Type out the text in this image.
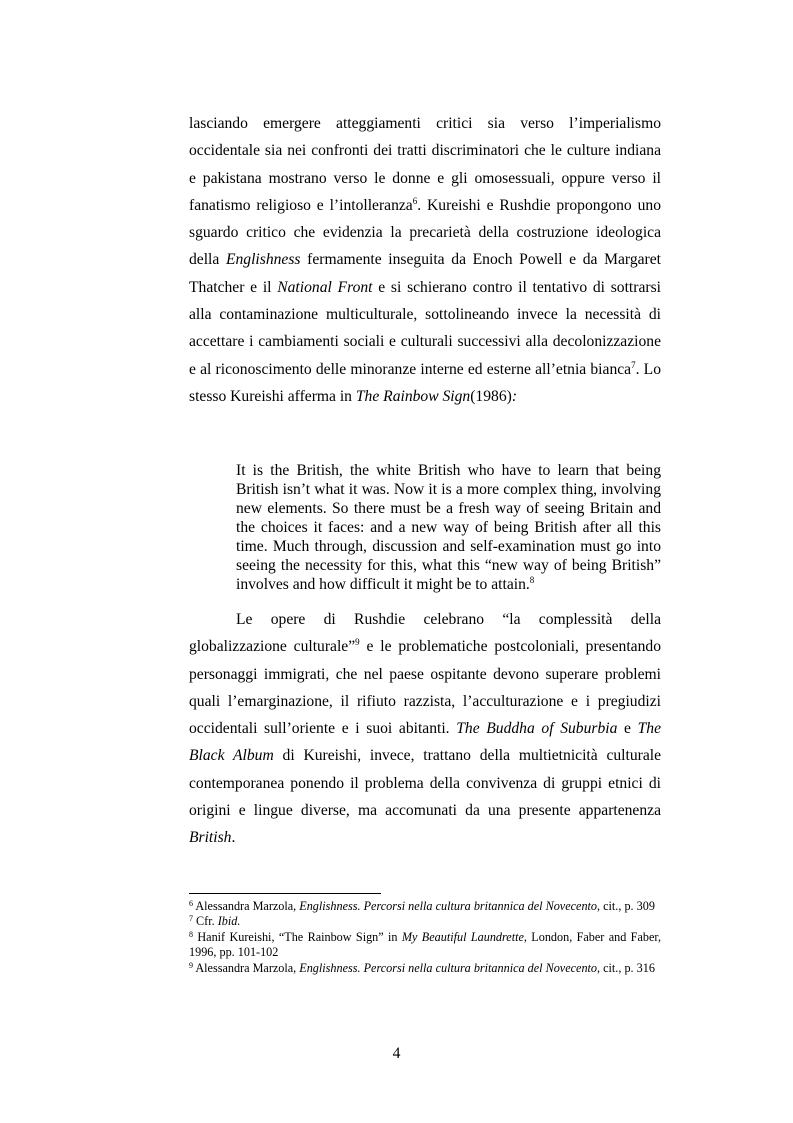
lasciando emergere atteggiamenti critici sia verso l’imperialismo occidentale sia nei confronti dei tratti discriminatori che le culture indiana e pakistana mostrano verso le donne e gli omosessuali, oppure verso il fanatismo religioso e l’intolleranza$^6$. Kureishi e Rushdie propongono uno sguardo critico che evidenzia la precarietà della costruzione ideologica della Englishness fermamente inseguita da Enoch Powell e da Margaret Thatcher e il National Front e si schierano contro il tentativo di sottrarsi alla contaminazione multiculturale, sottolineando invece la necessità di accettare i cambiamenti sociali e culturali successivi alla decolonizzazione e al riconoscimento delle minoranze interne ed esterne all’etnia bianca$^7$. Lo stesso Kureishi afferma in The Rainbow Sign(1986):

It is the British, the white British who have to learn that being British isn’t what it was. Now it is a more complex thing, involving new elements. So there must be a fresh way of seeing Britain and the choices it faces: and a new way of being British after all this time. Much through, discussion and self-examination must go into seeing the necessity for this, what this “new way of being British” involves and how difficult it might be to attain.$^8$

Le opere di Rushdie celebrano “la complessità della globalizzazione culturale”$^9$ e le problematiche postcoloniali, presentando personaggi immigrati, che nel paese ospitante devono superare problemi quali l’emarginazione, il rifiuto razzista, l’acculturazione e i pregiudizi occidentali sull’oriente e i suoi abitanti. The Buddha of Suburbia e The Black Album di Kureishi, invece, trattano della multietnicità culturale contemporanea ponendo il problema della convivenza di gruppi etnici di origini e lingue diverse, ma accomunati da una presente appartenenza British.

$^6$ Alessandra Marzola, Englishness. Percorsi nella cultura britannica del Novecento, cit., p. 309

$^7$ Cfr. Ibid.

$^8$ Hanif Kureishi, “The Rainbow Sign” in My Beautiful Laundrette, London, Faber and Faber, 1996, pp. 101-102

$^9$ Alessandra Marzola, Englishness. Percorsi nella cultura britannica del Novecento, cit., p. 316

4
